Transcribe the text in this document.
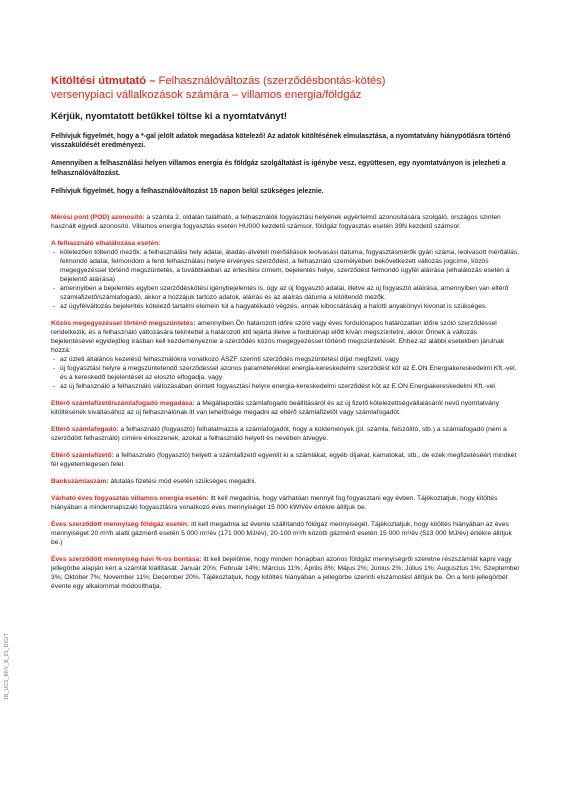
1B_UCS_KKV_B_01_DIGIT

Kitöltési útmutató – Felhasználóváltozás (szerződésbontás-kötés)

versenypiaci vállalkozások számára – villamos energia/földgáz

Kérjük, nyomtatott betűkkel töltse ki a nyomtatványt!

Felhívjuk figyelmét, hogy a *-gal jelölt adatok megadása kötelező! Az adatok kitöltésének elmulasztása, a nyomtatvány hiánypótlásra történő visszaküldését eredményezi.

Amennyiben a felhasználási helyen villamos energia és földgáz szolgáltatást is igénybe vesz, együttesen, egy nyomtatványon is jelezheti a felhasználóváltozást.

Felhívjuk figyelmét, hogy a felhasználóváltozást 15 napon belül szükséges jeleznie.

Mérési pont (POD) azonosító: a számla 2. oldalán található, a felhasználók fogyasztási helyének egyértelmű azonosítására szolgáló, országos szinten használt egyedi azonosító. Villamos energia fogyasztás esetén HU000 kezdetű számsor, földgáz fogyasztás esetén 39N kezdetű számsor.

A felhasználó elhalálozása esetén:

- kötelezően töltendő mezők: a felhasználási hely adatai, átadás-átvételi mérőállások leolvasási dátuma, fogyasztásmérők gyári száma, leolvasott mérőállás, felmondó adatai, felmondom a fenti felhasználási helyre érvényes szerződést, a felhasználó személyében bekövetkezett változás jogcíme, közös megegyezéssel történő megszüntetés, a továbbiakban az értesítési címem, bejelentés helye, szerződést felmondó ügyfél aláírása (elhalálozás esetén a bejelentő aláírása)
- amennyiben a bejelentés egyben szerződéskötési igénybejelentés is, úgy az új fogyasztó adatai, illetve az új fogyasztó aláírása, amennyiben van eltérő számlafizető/számlafogadó, akkor a hozzájuk tartozó adatok, aláírás és az aláírás dátuma a kitöltendő mezők.
- az ügyfélváltozás bejelentés kötelező tartalmi elemein túl a hagyatékadó végzés, annak kibocsátásáig a halotti anyakönyvi kivonat is szükséges.

Közös megegyezéssel történő megszüntetés: amennyiben Ön határozott időre szóló vagy éves fordulónapos határozatlan időre szóló szerződéssel rendelkezik, és a felhasználó változására tekintettel a határozott idő lejárta illetve a fordulónap előtt kíván megszüntetni, akkor Önnek a változás bejelentésével egyidejűleg írásban kell kezdeményeznie a szerződés közös megegyezéssel történő megszüntetését. Ehhez az alábbi esetekben járulnak hozzá:

- az üzleti általános kezelésű felhasználókra vonatkozó ÁSZF szerinti szerződés megszüntetési díjat megfizeti, vagy
- új fogyasztási helyre a megszüntetendő szerződéssel azonos paraméterekkel energia-kereskedelmi szerződést köt az E.ON Energiakereskedelmi Kft.-vel, és a kereskedő bejelentését az elosztó elfogadja, vagy
- az új felhasználó a felhasználó változásában érintett fogyasztási helyre energia-kereskedelmi szerződést köt az E.ON Energiakereskedelmi Kft.-vel.

Eltérő számlafizető/számlafogadó megadása: a Megállapodás számlafogadó beállításáról és az új fizető kötelezettségvállalásáról nevű nyomtatvány kitöltésének kiváltásához az új felhasználónak itt van lehetősége megadni az eltérő számlafizetőt vagy számlafogadót.

Eltérő számlafogadó: a felhasználó (fogyasztó) felhatalmazza a számlafogadót, hogy a küldemények (pl. számla, felszólító, stb.) a számlafogadó (nem a szerződött felhasználó) címére érkezzenek, azokat a felhasználó helyett és nevében átvegye.

Eltérő számlafizető: a felhasználó (fogyasztó) helyett a számlafizető egyenlít ki a számlákat, egyéb díjakat, kamatokat, stb., de ezek megfizetéséért mindkét fél egyetemlegesen felel.

Bankszámlaszám: átutalás fizetési mód esetén szükséges megadni.

Várható éves fogyasztás villamos energia esetén: itt kell megadnia, hogy várhatóan mennyit fog fogyasztani egy évben. Tájékoztatjuk, hogy kitöltés hiányában a mindennapszaki fogyasztásra vonatkozó éves mennyiséget 15 000 kWh/év értékre állítjuk be.

Éves szerződött mennyiség földgáz esetén: itt kell megadnia az évente szállítandó földgáz mennyiségét. Tájékoztatjuk, hogy kitöltés hiányában az éves mennyiséget 20 m³/h alatti gázmérő esetén 5 000 m³/év (171 000 MJ/év), 20-100 m³/h közötti gázmérő esetén 15 000 m³/év (513 000 MJ/év) értékre állítjuk be.)

Éves szerződött mennyiség havi %-os bontása: itt kell bejelölnie, hogy minden hónapban azonos földgáz mennyiségről szeretne részszámlát kapni vagy jellegörbe alapján kért a számlát kiállítását: Január 20%; Február 14%; Március 11%; Április 8%; Május 2%; Június 2%; Július 1%; Augusztus 1%; Szeptember 3%; Október 7%; November 11%; December 20%. Tájékoztatjuk, hogy kitöltés hiányában a jellegörbe szerinti elszámolást állítjuk be. Ön a fenti jellegörbét évente egy alkalommal módosíthatja.
